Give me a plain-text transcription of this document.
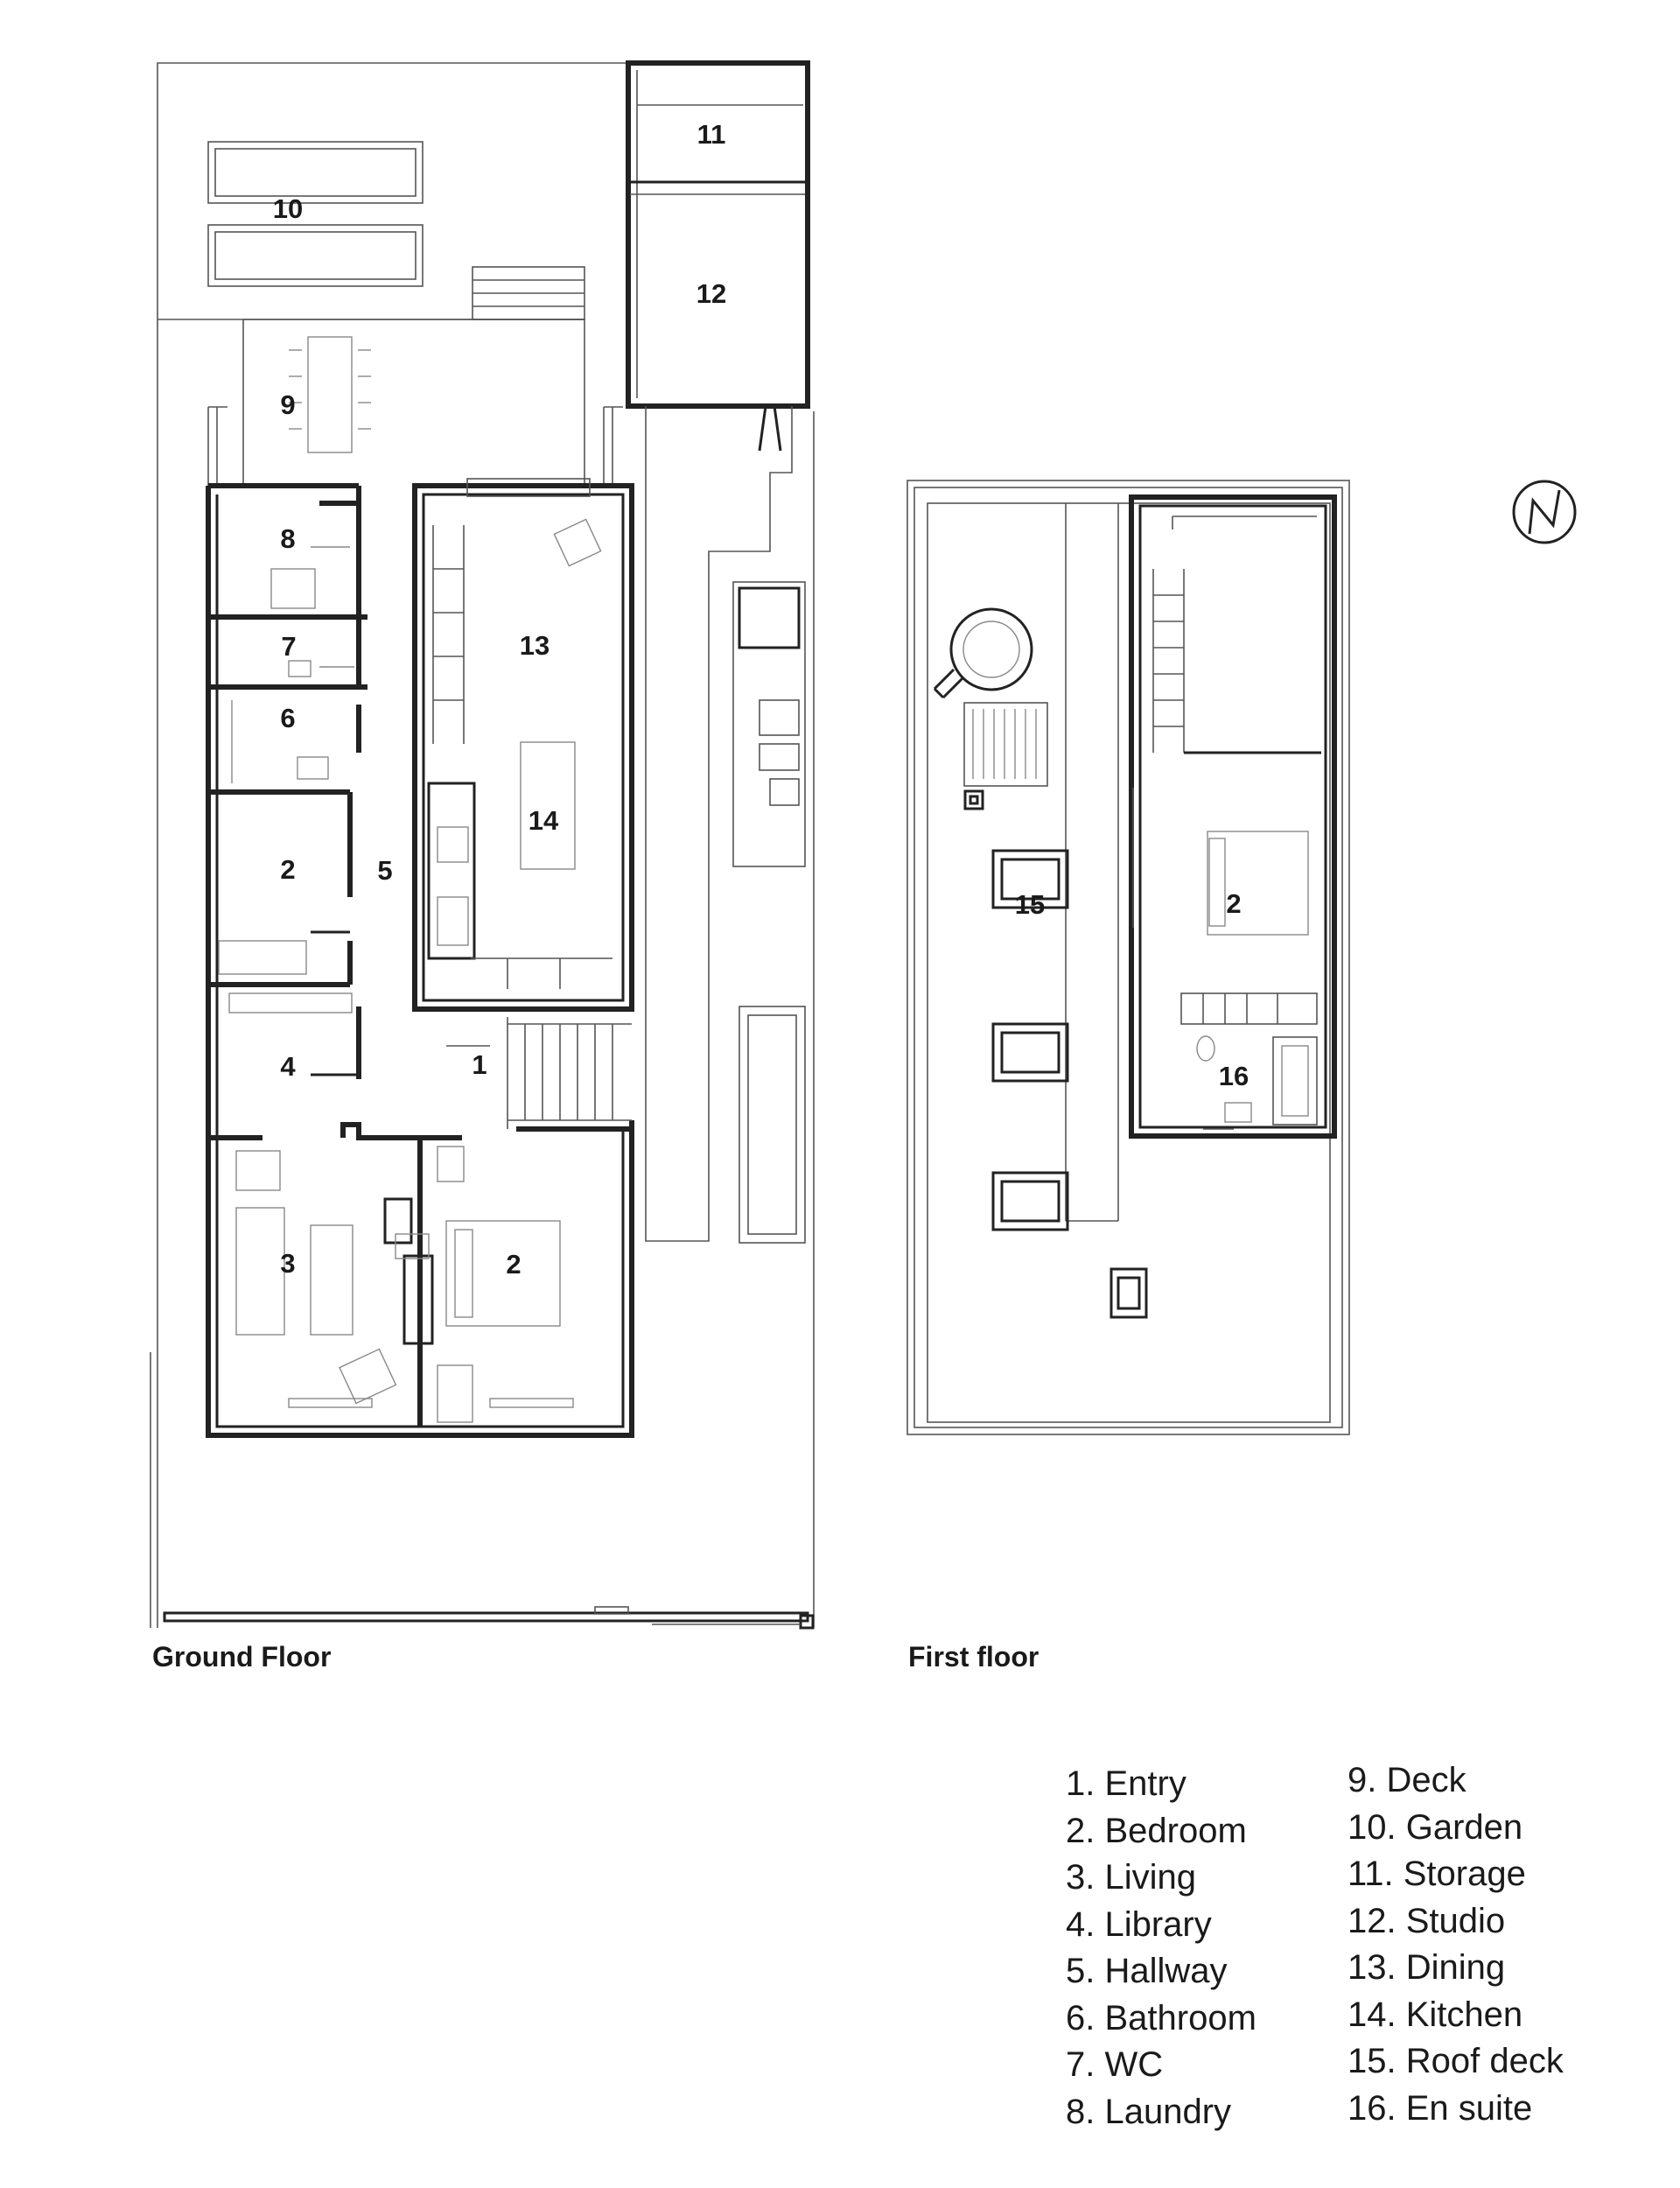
1
2
2
3
4
5
6
7
8
9
10
11
12
13
14
2
15
16
Ground Floor	First floor
1. Entry
2. Bedroom
3. Living
4. Library
5. Hallway
6. Bathroom
7. WC
8. Laundry
9. Deck
10. Garden
11. Storage
12. Studio
13. Dining
14. Kitchen
15. Roof deck
16. En suite
